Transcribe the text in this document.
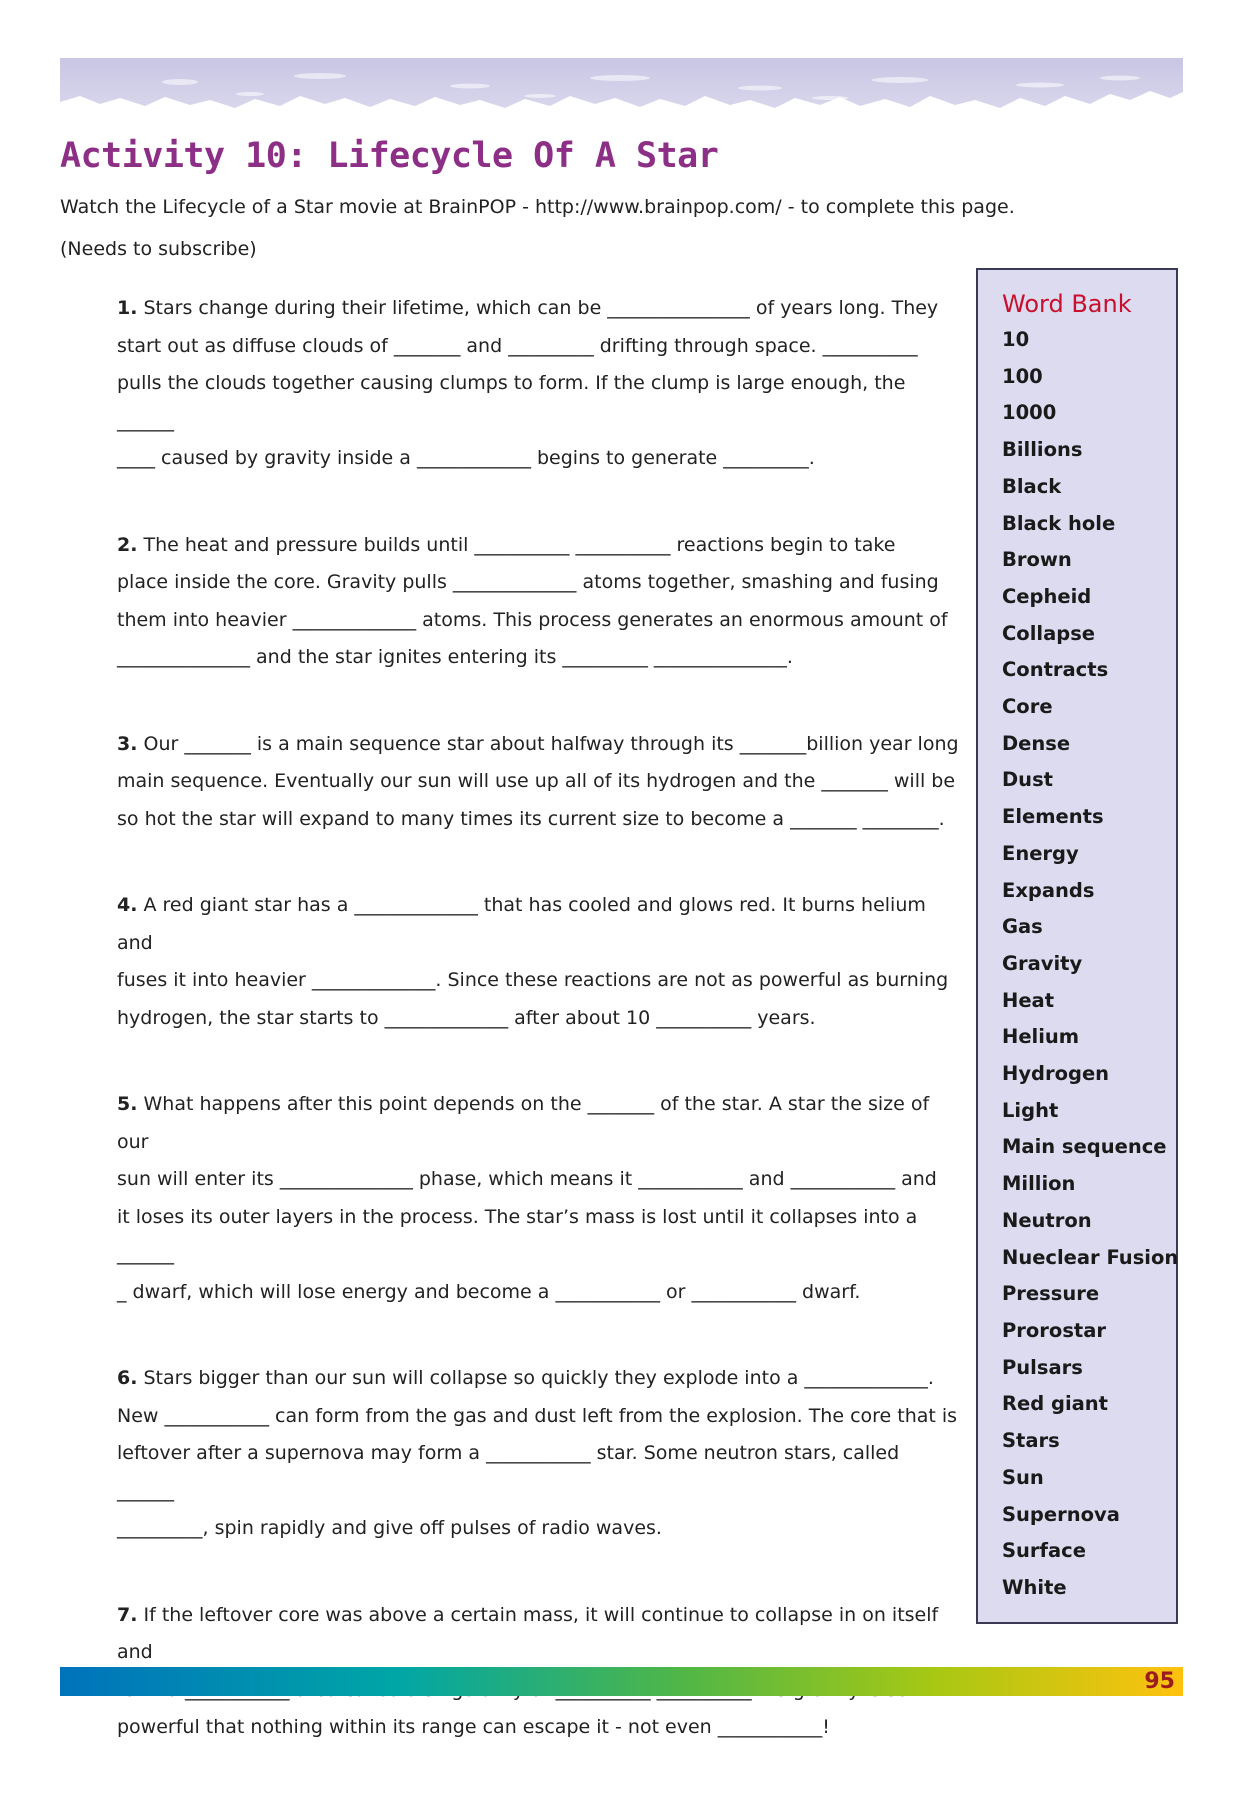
Activity 10: Lifecycle Of A Star
Watch the Lifecycle of a Star movie at BrainPOP - http://www.brainpop.com/ - to complete this page.
(Needs to subscribe)

1. Stars change during their lifetime, which can be _______________ of years long. They
start out as diffuse clouds of _______ and _________ drifting through space. __________
pulls the clouds together causing clumps to form. If the clump is large enough, the ______
____ caused by gravity inside a ____________ begins to generate _________.

2. The heat and pressure builds until __________ __________ reactions begin to take
place inside the core. Gravity pulls _____________ atoms together, smashing and fusing
them into heavier _____________ atoms. This process generates an enormous amount of
______________ and the star ignites entering its _________ ______________.

3. Our _______ is a main sequence star about halfway through its _______billion year long
main sequence. Eventually our sun will use up all of its hydrogen and the _______ will be
so hot the star will expand to many times its current size to become a _______ ________.

4. A red giant star has a _____________ that has cooled and glows red. It burns helium and
fuses it into heavier _____________. Since these reactions are not as powerful as burning
hydrogen, the star starts to _____________ after about 10 __________ years.

5. What happens after this point depends on the _______ of the star. A star the size of our
sun will enter its ______________ phase, which means it ___________ and ___________ and
it loses its outer layers in the process. The star’s mass is lost until it collapses into a ______
_ dwarf, which will lose energy and become a ___________ or ___________ dwarf.

6. Stars bigger than our sun will collapse so quickly they explode into a _____________.
New ___________ can form from the gas and dust left from the explosion. The core that is
leftover after a supernova may form a ___________ star. Some neutron stars, called ______
_________, spin rapidly and give off pulses of radio waves.

7. If the leftover core was above a certain mass, it will continue to collapse in on itself and

powerful that nothing within its range can escape it - not even ___________!

Word Bank
10
100
1000
Billions
Black
Black hole
Brown
Cepheid
Collapse
Contracts
Core
Dense
Dust
Elements
Energy
Expands
Gas
Gravity
Heat
Helium
Hydrogen
Light
Main sequence
Million
Neutron
Nueclear Fusion
Pressure
Prorostar
Pulsars
Red giant
Stars
Sun
Supernova
Surface
White
95
